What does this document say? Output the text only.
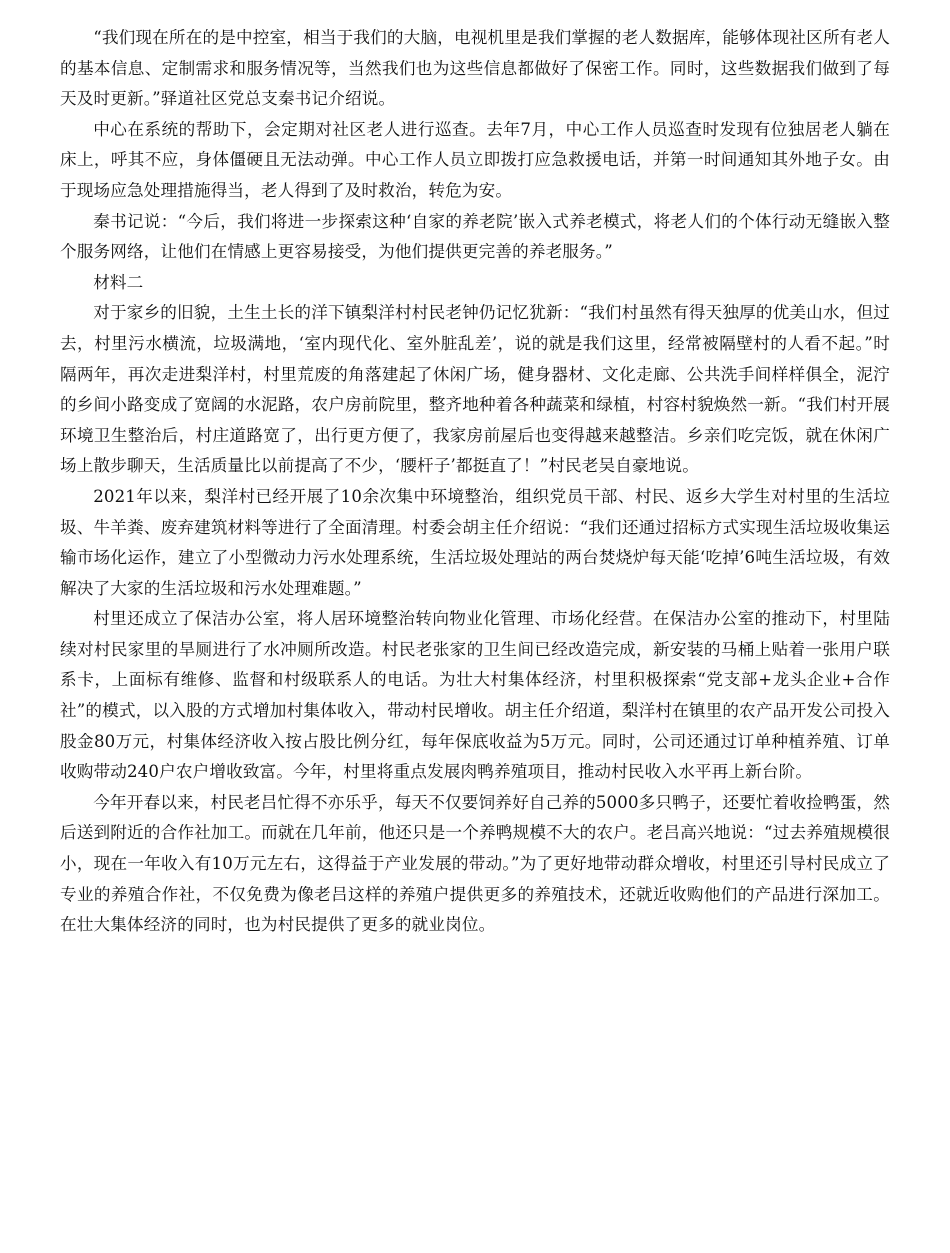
“我们现在所在的是中控室，相当于我们的大脑，电视机里是我们掌握的老人数据库，能够体现社区所有老人的基本信息、定制需求和服务情况等，当然我们也为这些信息都做好了保密工作。同时，这些数据我们做到了每天及时更新。”驿道社区党总支秦书记介绍说。

中心在系统的帮助下，会定期对社区老人进行巡查。去年7月，中心工作人员巡查时发现有位独居老人躺在床上，呼其不应，身体僵硬且无法动弹。中心工作人员立即拨打应急救援电话，并第一时间通知其外地子女。由于现场应急处理措施得当，老人得到了及时救治，转危为安。

秦书记说：“今后，我们将进一步探索这种‘自家的养老院’嵌入式养老模式，将老人们的个体行动无缝嵌入整个服务网络，让他们在情感上更容易接受，为他们提供更完善的养老服务。”

材料二

对于家乡的旧貌，土生土长的洋下镇梨洋村村民老钟仍记忆犹新：“我们村虽然有得天独厚的优美山水，但过去，村里污水横流，垃圾满地，‘室内现代化、室外脏乱差’，说的就是我们这里，经常被隔壁村的人看不起。”时隔两年，再次走进梨洋村，村里荒废的角落建起了休闲广场，健身器材、文化走廊、公共洗手间样样俱全，泥泞的乡间小路变成了宽阔的水泥路，农户房前院里，整齐地种着各种蔬菜和绿植，村容村貌焕然一新。“我们村开展环境卫生整治后，村庄道路宽了，出行更方便了，我家房前屋后也变得越来越整洁。乡亲们吃完饭，就在休闲广场上散步聊天，生活质量比以前提高了不少，‘腰杆子’都挺直了！”村民老吴自豪地说。

2021年以来，梨洋村已经开展了10余次集中环境整治，组织党员干部、村民、返乡大学生对村里的生活垃圾、牛羊粪、废弃建筑材料等进行了全面清理。村委会胡主任介绍说：“我们还通过招标方式实现生活垃圾收集运输市场化运作，建立了小型微动力污水处理系统，生活垃圾处理站的两台焚烧炉每天能‘吃掉’6吨生活垃圾，有效解决了大家的生活垃圾和污水处理难题。”

村里还成立了保洁办公室，将人居环境整治转向物业化管理、市场化经营。在保洁办公室的推动下，村里陆续对村民家里的旱厕进行了水冲厕所改造。村民老张家的卫生间已经改造完成，新安装的马桶上贴着一张用户联系卡，上面标有维修、监督和村级联系人的电话。为壮大村集体经济，村里积极探索“党支部+龙头企业+合作社”的模式，以入股的方式增加村集体收入，带动村民增收。胡主任介绍道，梨洋村在镇里的农产品开发公司投入股金80万元，村集体经济收入按占股比例分红，每年保底收益为5万元。同时，公司还通过订单种植养殖、订单收购带动240户农户增收致富。今年，村里将重点发展肉鸭养殖项目，推动村民收入水平再上新台阶。

今年开春以来，村民老吕忙得不亦乐乎，每天不仅要饲养好自己养的5000多只鸭子，还要忙着收捡鸭蛋，然后送到附近的合作社加工。而就在几年前，他还只是一个养鸭规模不大的农户。老吕高兴地说：“过去养殖规模很小，现在一年收入有10万元左右，这得益于产业发展的带动。”为了更好地带动群众增收，村里还引导村民成立了专业的养殖合作社，不仅免费为像老吕这样的养殖户提供更多的养殖技术，还就近收购他们的产品进行深加工。在壮大集体经济的同时，也为村民提供了更多的就业岗位。
